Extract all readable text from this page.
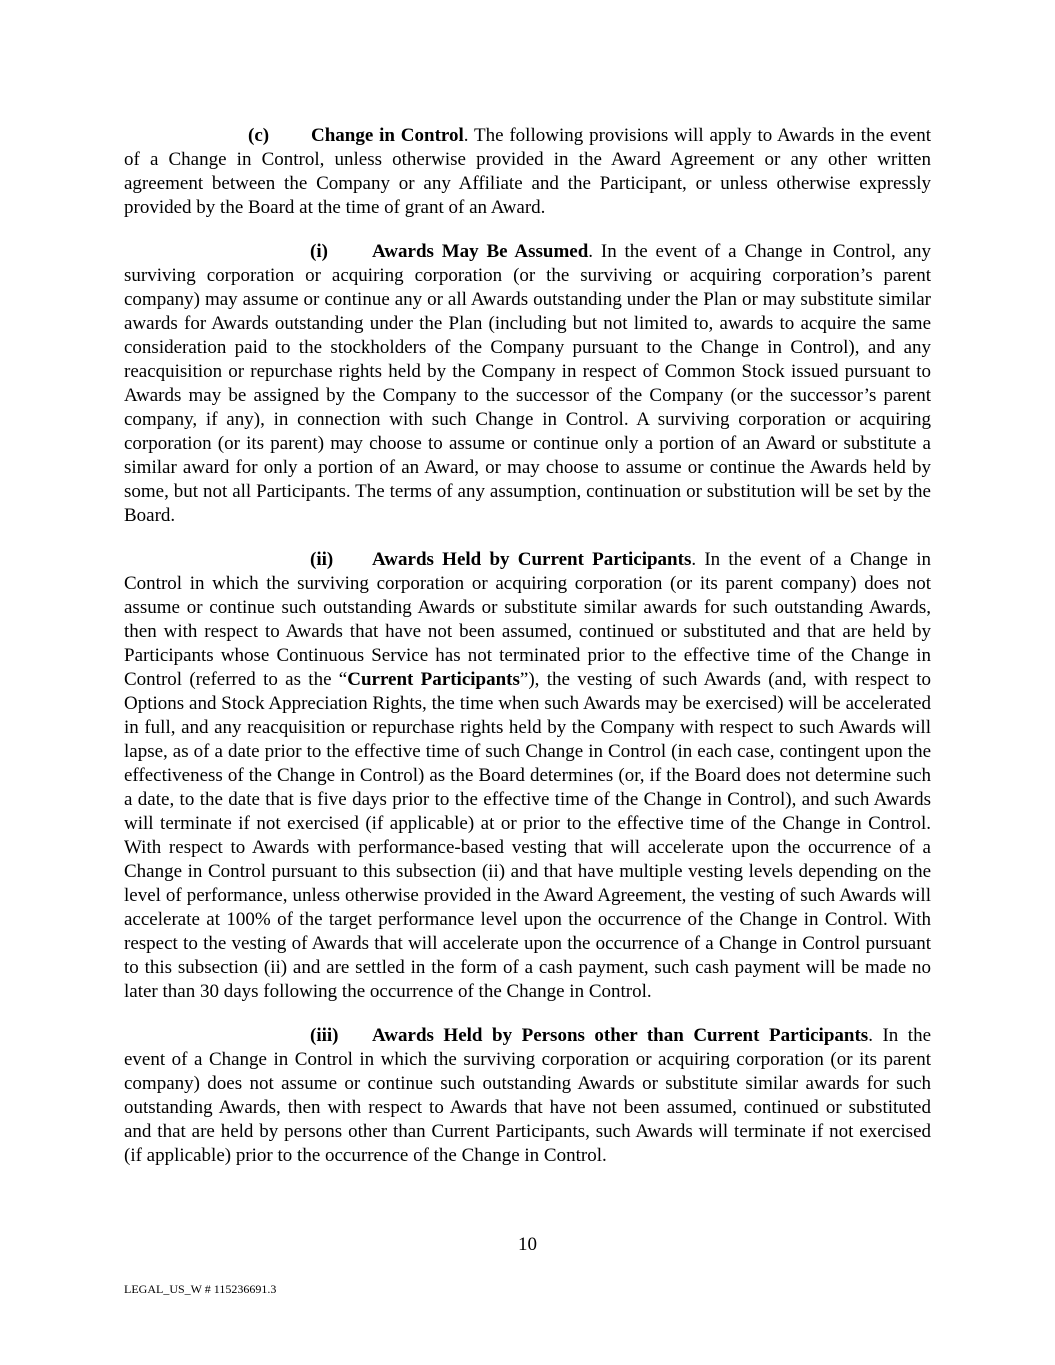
(c) Change in Control. The following provisions will apply to Awards in the event of a Change in Control, unless otherwise provided in the Award Agreement or any other written agreement between the Company or any Affiliate and the Participant, or unless otherwise expressly provided by the Board at the time of grant of an Award.

(i) Awards May Be Assumed. In the event of a Change in Control, any surviving corporation or acquiring corporation (or the surviving or acquiring corporation’s parent company) may assume or continue any or all Awards outstanding under the Plan or may substitute similar awards for Awards outstanding under the Plan (including but not limited to, awards to acquire the same consideration paid to the stockholders of the Company pursuant to the Change in Control), and any reacquisition or repurchase rights held by the Company in respect of Common Stock issued pursuant to Awards may be assigned by the Company to the successor of the Company (or the successor’s parent company, if any), in connection with such Change in Control. A surviving corporation or acquiring corporation (or its parent) may choose to assume or continue only a portion of an Award or substitute a similar award for only a portion of an Award, or may choose to assume or continue the Awards held by some, but not all Participants. The terms of any assumption, continuation or substitution will be set by the Board.

(ii) Awards Held by Current Participants. In the event of a Change in Control in which the surviving corporation or acquiring corporation (or its parent company) does not assume or continue such outstanding Awards or substitute similar awards for such outstanding Awards, then with respect to Awards that have not been assumed, continued or substituted and that are held by Participants whose Continuous Service has not terminated prior to the effective time of the Change in Control (referred to as the “Current Participants”), the vesting of such Awards (and, with respect to Options and Stock Appreciation Rights, the time when such Awards may be exercised) will be accelerated in full, and any reacquisition or repurchase rights held by the Company with respect to such Awards will lapse, as of a date prior to the effective time of such Change in Control (in each case, contingent upon the effectiveness of the Change in Control) as the Board determines (or, if the Board does not determine such a date, to the date that is five days prior to the effective time of the Change in Control), and such Awards will terminate if not exercised (if applicable) at or prior to the effective time of the Change in Control. With respect to Awards with performance-based vesting that will accelerate upon the occurrence of a Change in Control pursuant to this subsection (ii) and that have multiple vesting levels depending on the level of performance, unless otherwise provided in the Award Agreement, the vesting of such Awards will accelerate at 100% of the target performance level upon the occurrence of the Change in Control. With respect to the vesting of Awards that will accelerate upon the occurrence of a Change in Control pursuant to this subsection (ii) and are settled in the form of a cash payment, such cash payment will be made no later than 30 days following the occurrence of the Change in Control.

(iii) Awards Held by Persons other than Current Participants. In the event of a Change in Control in which the surviving corporation or acquiring corporation (or its parent company) does not assume or continue such outstanding Awards or substitute similar awards for such outstanding Awards, then with respect to Awards that have not been assumed, continued or substituted and that are held by persons other than Current Participants, such Awards will terminate if not exercised (if applicable) prior to the occurrence of the Change in Control.

10
LEGAL_US_W # 115236691.3
